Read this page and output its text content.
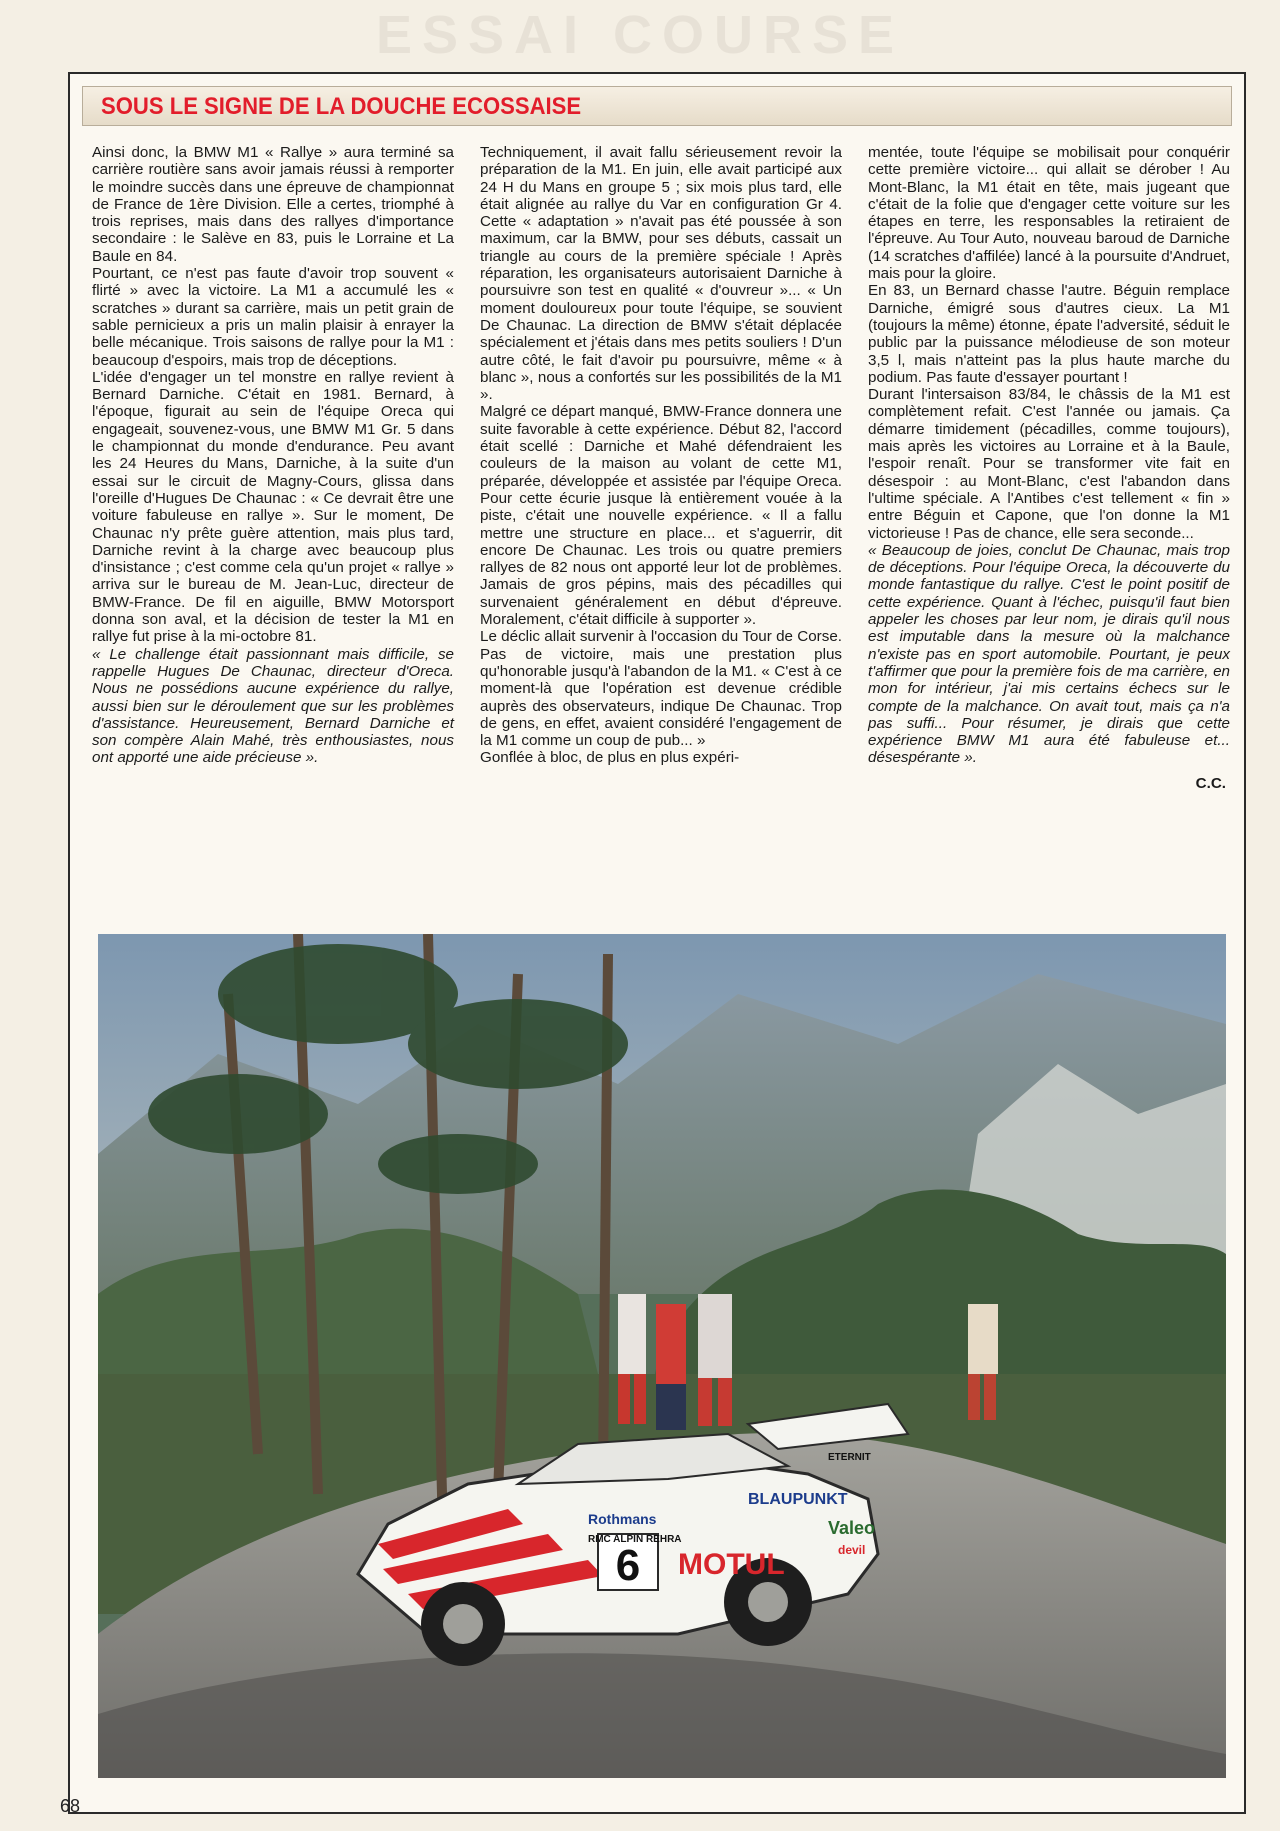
ESSAI COURSE
SOUS LE SIGNE DE LA DOUCHE ECOSSAISE

Ainsi donc, la BMW M1 « Rallye » aura terminé sa carrière routière sans avoir jamais réussi à remporter le moindre succès dans une épreuve de championnat de France de 1ère Division. Elle a certes, triomphé à trois reprises, mais dans des rallyes d'importance secondaire : le Salève en 83, puis le Lorraine et La Baule en 84.

Pourtant, ce n'est pas faute d'avoir trop souvent « flirté » avec la victoire. La M1 a accumulé les « scratches » durant sa carrière, mais un petit grain de sable pernicieux a pris un malin plaisir à enrayer la belle mécanique. Trois saisons de rallye pour la M1 : beaucoup d'espoirs, mais trop de déceptions.

L'idée d'engager un tel monstre en rallye revient à Bernard Darniche. C'était en 1981. Bernard, à l'époque, figurait au sein de l'équipe Oreca qui engageait, souvenez-vous, une BMW M1 Gr. 5 dans le championnat du monde d'endurance. Peu avant les 24 Heures du Mans, Darniche, à la suite d'un essai sur le circuit de Magny-Cours, glissa dans l'oreille d'Hugues De Chaunac : « Ce devrait être une voiture fabuleuse en rallye ». Sur le moment, De Chaunac n'y prête guère attention, mais plus tard, Darniche revint à la charge avec beaucoup plus d'insistance ; c'est comme cela qu'un projet « rallye » arriva sur le bureau de M. Jean-Luc, directeur de BMW-France. De fil en aiguille, BMW Motorsport donna son aval, et la décision de tester la M1 en rallye fut prise à la mi-octobre 81.

« Le challenge était passionnant mais difficile, se rappelle Hugues De Chaunac, directeur d'Oreca. Nous ne possédions aucune expérience du rallye, aussi bien sur le déroulement que sur les problèmes d'assistance. Heureusement, Bernard Darniche et son compère Alain Mahé, très enthousiastes, nous ont apporté une aide précieuse ».

Techniquement, il avait fallu sérieusement revoir la préparation de la M1. En juin, elle avait participé aux 24 H du Mans en groupe 5 ; six mois plus tard, elle était alignée au rallye du Var en configuration Gr 4. Cette « adaptation » n'avait pas été poussée à son maximum, car la BMW, pour ses débuts, cassait un triangle au cours de la première spéciale ! Après réparation, les organisateurs autorisaient Darniche à poursuivre son test en qualité « d'ouvreur »... « Un moment douloureux pour toute l'équipe, se souvient De Chaunac. La direction de BMW s'était déplacée spécialement et j'étais dans mes petits souliers ! D'un autre côté, le fait d'avoir pu poursuivre, même « à blanc », nous a confortés sur les possibilités de la M1 ».

Malgré ce départ manqué, BMW-France donnera une suite favorable à cette expérience. Début 82, l'accord était scellé : Darniche et Mahé défendraient les couleurs de la maison au volant de cette M1, préparée, développée et assistée par l'équipe Oreca. Pour cette écurie jusque là entièrement vouée à la piste, c'était une nouvelle expérience. « Il a fallu mettre une structure en place... et s'aguerrir, dit encore De Chaunac. Les trois ou quatre premiers rallyes de 82 nous ont apporté leur lot de problèmes. Jamais de gros pépins, mais des pécadilles qui survenaient généralement en début d'épreuve. Moralement, c'était difficile à supporter ».

Le déclic allait survenir à l'occasion du Tour de Corse. Pas de victoire, mais une prestation plus qu'honorable jusqu'à l'abandon de la M1. « C'est à ce moment-là que l'opération est devenue crédible auprès des observateurs, indique De Chaunac. Trop de gens, en effet, avaient considéré l'engagement de la M1 comme un coup de pub... »

Gonflée à bloc, de plus en plus expéri-

mentée, toute l'équipe se mobilisait pour conquérir cette première victoire... qui allait se dérober ! Au Mont-Blanc, la M1 était en tête, mais jugeant que c'était de la folie que d'engager cette voiture sur les étapes en terre, les responsables la retiraient de l'épreuve. Au Tour Auto, nouveau baroud de Darniche (14 scratches d'affilée) lancé à la poursuite d'Andruet, mais pour la gloire.

En 83, un Bernard chasse l'autre. Béguin remplace Darniche, émigré sous d'autres cieux. La M1 (toujours la même) étonne, épate l'adversité, séduit le public par la puissance mélodieuse de son moteur 3,5 l, mais n'atteint pas la plus haute marche du podium. Pas faute d'essayer pourtant !

Durant l'intersaison 83/84, le châssis de la M1 est complètement refait. C'est l'année ou jamais. Ça démarre timidement (pécadilles, comme toujours), mais après les victoires au Lorraine et à la Baule, l'espoir renaît. Pour se transformer vite fait en désespoir : au Mont-Blanc, c'est l'abandon dans l'ultime spéciale. A l'Antibes c'est tellement « fin » entre Béguin et Capone, que l'on donne la M1 victorieuse ! Pas de chance, elle sera seconde...

« Beaucoup de joies, conclut De Chaunac, mais trop de déceptions. Pour l'équipe Oreca, la découverte du monde fantastique du rallye. C'est le point positif de cette expérience. Quant à l'échec, puisqu'il faut bien appeler les choses par leur nom, je dirais qu'il nous est imputable dans la mesure où la malchance n'existe pas en sport automobile. Pourtant, je peux t'affirmer que pour la première fois de ma carrière, en mon for intérieur, j'ai mis certains échecs sur le compte de la malchance. On avait tout, mais ça n'a pas suffi... Pour résumer, je dirais que cette expérience BMW M1 aura été fabuleuse et... désespérante ».

C.C.
6 MOTUL
BLAUPUNKT
Rothmans	Valeo
RMC ALPIN REHRA
ETERNIT
devil
68
